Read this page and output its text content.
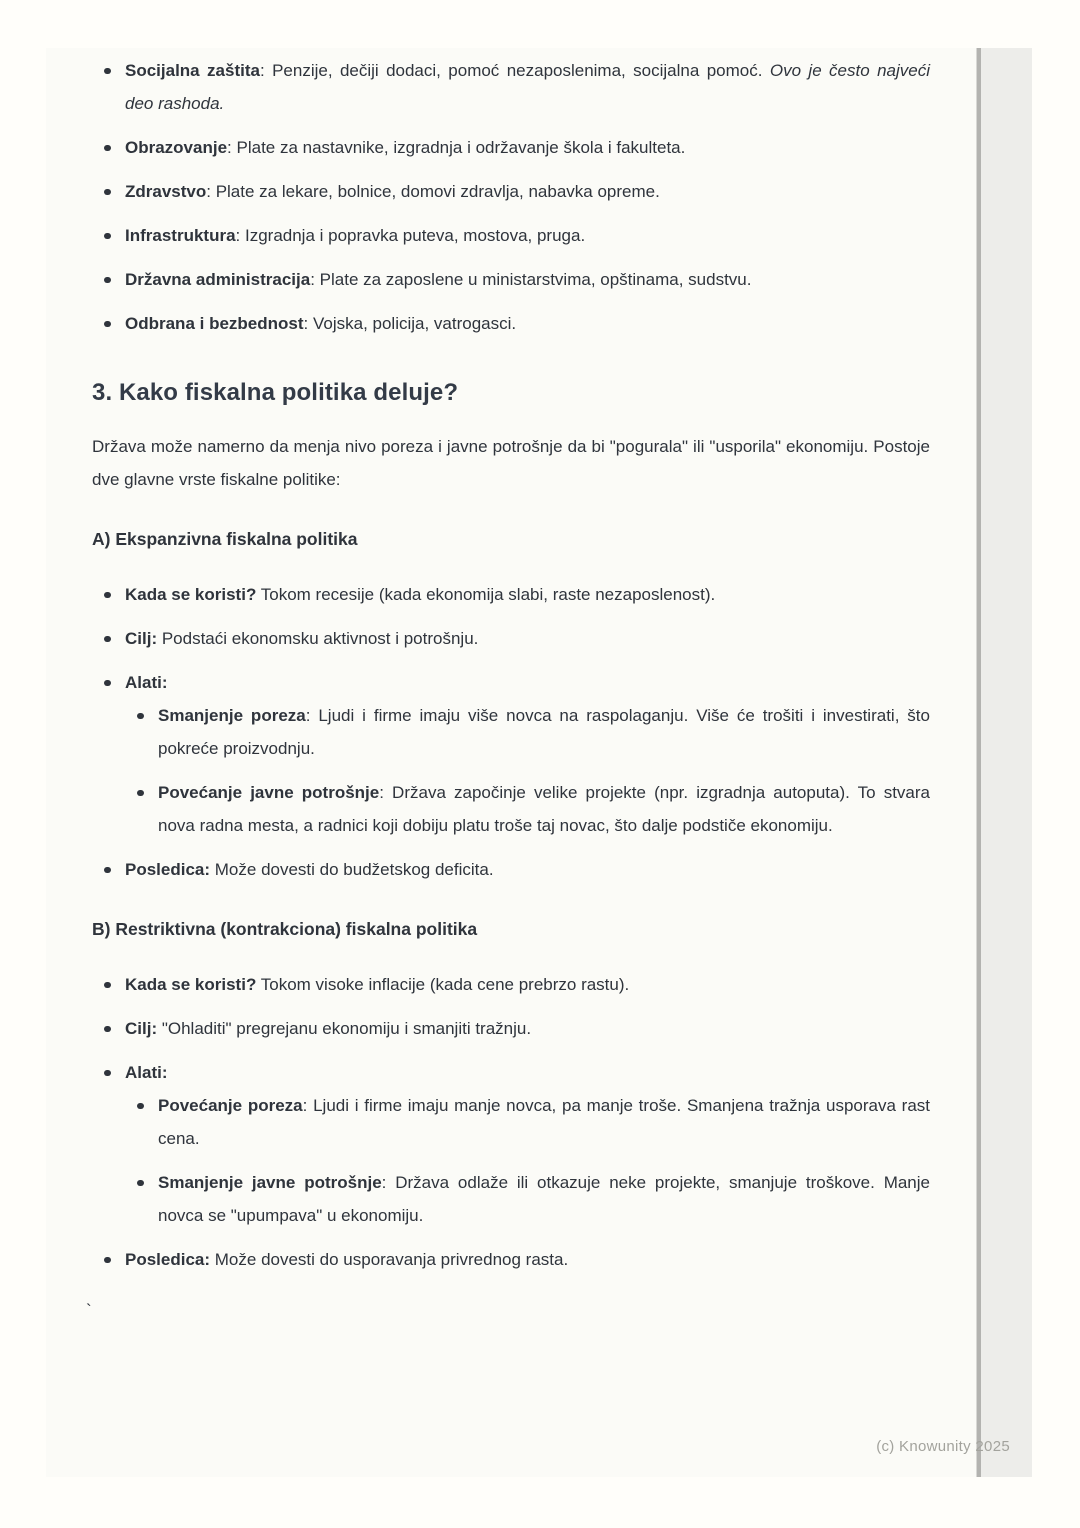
Socijalna zaštita: Penzije, dečiji dodaci, pomoć nezaposlenima, socijalna pomoć. Ovo je često najveći deo rashoda.
Obrazovanje: Plate za nastavnike, izgradnja i održavanje škola i fakulteta.
Zdravstvo: Plate za lekare, bolnice, domovi zdravlja, nabavka opreme.
Infrastruktura: Izgradnja i popravka puteva, mostova, pruga.
Državna administracija: Plate za zaposlene u ministarstvima, opštinama, sudstvu.
Odbrana i bezbednost: Vojska, policija, vatrogasci.
3. Kako fiskalna politika deluje?

Država može namerno da menja nivo poreza i javne potrošnje da bi "pogurala" ili "usporila" ekonomiju. Postoje dve glavne vrste fiskalne politike:

A) Ekspanzivna fiskalna politika
Kada se koristi? Tokom recesije (kada ekonomija slabi, raste nezaposlenost).
Cilj: Podstaći ekonomsku aktivnost i potrošnju.
Alati:
Smanjenje poreza: Ljudi i firme imaju više novca na raspolaganju. Više će trošiti i investirati, što pokreće proizvodnju.
Povećanje javne potrošnje: Država započinje velike projekte (npr. izgradnja autoputa). To stvara nova radna mesta, a radnici koji dobiju platu troše taj novac, što dalje podstiče ekonomiju.
Posledica: Može dovesti do budžetskog deficita.
B) Restriktivna (kontrakciona) fiskalna politika
Kada se koristi? Tokom visoke inflacije (kada cene prebrzo rastu).
Cilj: "Ohladiti" pregrejanu ekonomiju i smanjiti tražnju.
Alati:
Povećanje poreza: Ljudi i firme imaju manje novca, pa manje troše. Smanjena tražnja usporava rast cena.
Smanjenje javne potrošnje: Država odlaže ili otkazuje neke projekte, smanjuje troškove. Manje novca se "upumpava" u ekonomiju.
Posledica: Može dovesti do usporavanja privrednog rasta.

`

(c) Knowunity 2025
